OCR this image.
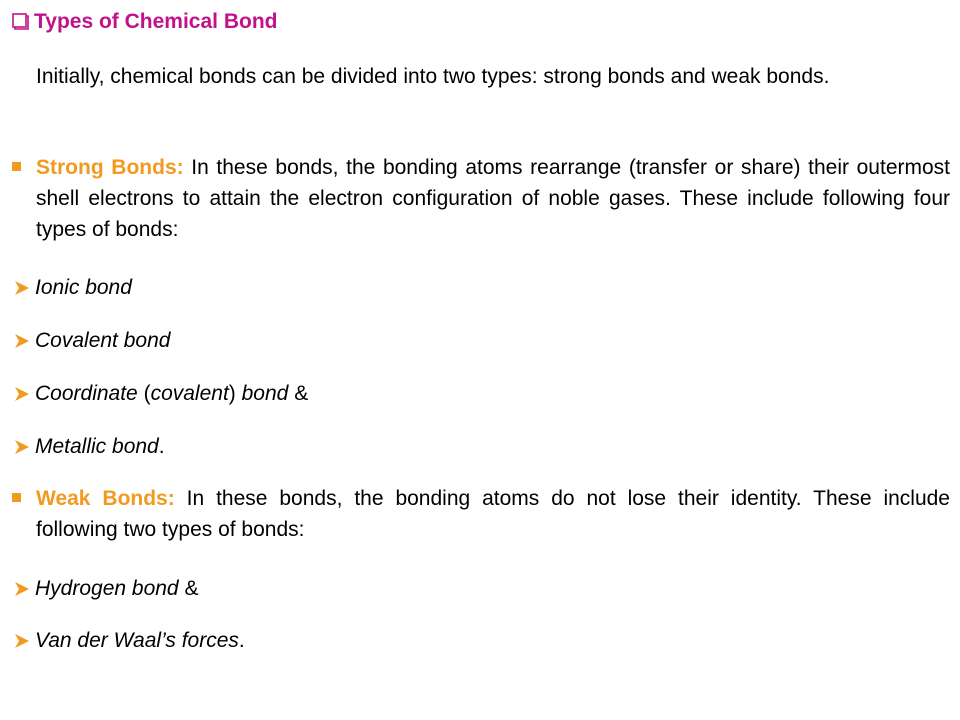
Types of Chemical Bond
Initially, chemical bonds can be divided into two types: strong bonds and weak bonds.
Strong Bonds: In these bonds, the bonding atoms rearrange (transfer or share) their outermost shell electrons to attain the electron configuration of noble gases. These include following four types of bonds:
Ionic bond
Covalent bond
Coordinate (covalent) bond &
Metallic bond.
Weak Bonds: In these bonds, the bonding atoms do not lose their identity. These include following two types of bonds:
Hydrogen bond &
Van der Waal’s forces.
